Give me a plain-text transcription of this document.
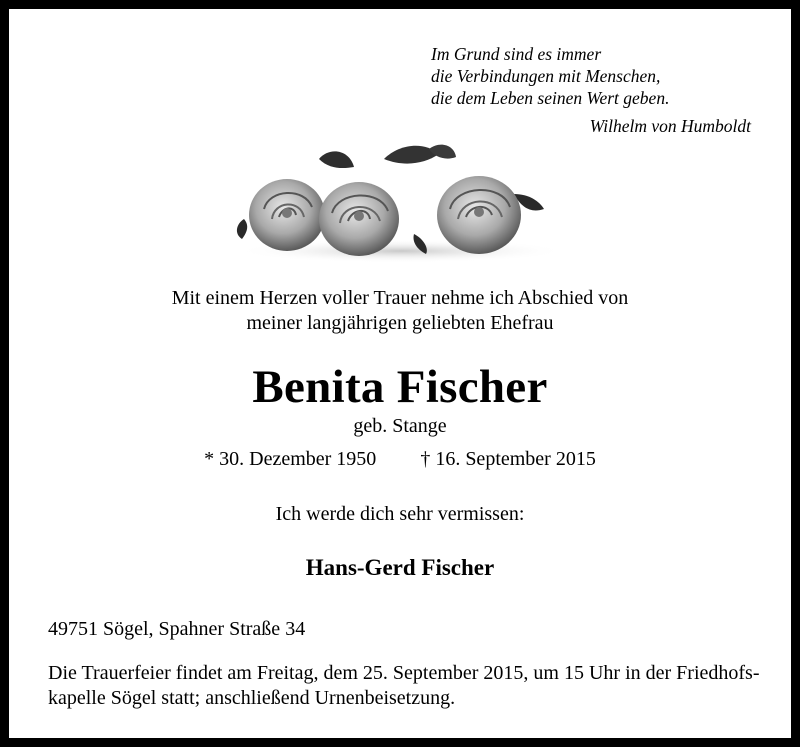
Im Grund sind es immer
die Verbindungen mit Menschen,
die dem Leben seinen Wert geben.
Wilhelm von Humboldt
Mit einem Herzen voller Trauer nehme ich Abschied von
meiner langjährigen geliebten Ehefrau
Benita Fischer
geb. Stange
* 30. Dezember 1950 † 16. September 2015
Ich werde dich sehr vermissen:
Hans-Gerd Fischer
49751 Sögel, Spahner Straße 34
Die Trauerfeier findet am Freitag, dem 25. September 2015, um 15 Uhr in der Friedhofs-
kapelle Sögel statt; anschließend Urnenbeisetzung.
